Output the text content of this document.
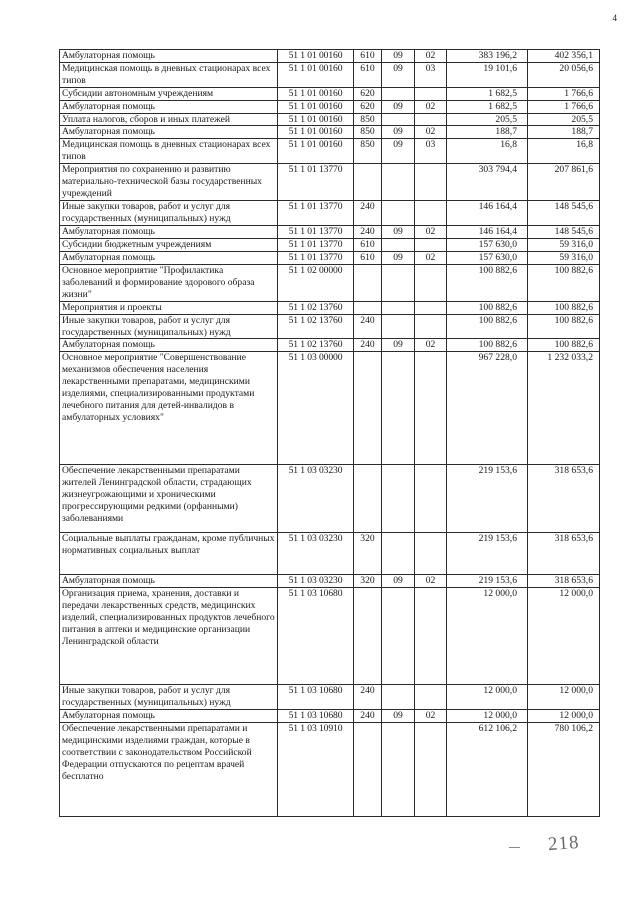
4
Амбулаторная помощь	51 1 01 00160	610	09	02	383 196,2	402 356,1
Медицинская помощь в дневных стационарах всех типов	51 1 01 00160	610	09	03	19 101,6	20 056,6
Субсидии автономным учреждениям	51 1 01 00160	620			1 682,5	1 766,6
Амбулаторная помощь	51 1 01 00160	620	09	02	1 682,5	1 766,6
Уплата налогов, сборов и иных платежей	51 1 01 00160	850			205,5	205,5
Амбулаторная помощь	51 1 01 00160	850	09	02	188,7	188,7
Медицинская помощь в дневных стационарах всех типов	51 1 01 00160	850	09	03	16,8	16,8
Мероприятия по сохранению и развитию материально-технической базы государственных учреждений	51 1 01 13770				303 794,4	207 861,6
Иные закупки товаров, работ и услуг для государственных (муниципальных) нужд	51 1 01 13770	240			146 164,4	148 545,6
Амбулаторная помощь	51 1 01 13770	240	09	02	146 164,4	148 545,6
Субсидии бюджетным учреждениям	51 1 01 13770	610			157 630,0	59 316,0
Амбулаторная помощь	51 1 01 13770	610	09	02	157 630,0	59 316,0
Основное мероприятие "Профилактика заболеваний и формирование здорового образа жизни"	51 1 02 00000				100 882,6	100 882,6
Мероприятия и проекты	51 1 02 13760				100 882,6	100 882,6
Иные закупки товаров, работ и услуг для государственных (муниципальных) нужд	51 1 02 13760	240			100 882,6	100 882,6
Амбулаторная помощь	51 1 02 13760	240	09	02	100 882,6	100 882,6
Основное мероприятие "Совершенствование механизмов обеспечения населения лекарственными препаратами, медицинскими изделиями, специализированными продуктами лечебного питания для детей-инвалидов в амбулаторных условиях"	51 1 03 00000				967 228,0	1 232 033,2
Обеспечение лекарственными препаратами жителей Ленинградской области, страдающих жизнеугрожающими и хроническими прогрессирующими редкими (орфанными) заболеваниями	51 1 03 03230				219 153,6	318 653,6
Социальные выплаты гражданам, кроме публичных нормативных социальных выплат	51 1 03 03230	320			219 153,6	318 653,6
Амбулаторная помощь	51 1 03 03230	320	09	02	219 153,6	318 653,6
Организация приема, хранения, доставки и передачи лекарственных средств, медицинских изделий, специализированных продуктов лечебного питания в аптеки и медицинские организации Ленинградской области	51 1 03 10680				12 000,0	12 000,0
Иные закупки товаров, работ и услуг для государственных (муниципальных) нужд	51 1 03 10680	240			12 000,0	12 000,0
Амбулаторная помощь	51 1 03 10680	240	09	02	12 000,0	12 000,0
Обеспечение лекарственными препаратами и медицинскими изделиями граждан, которые в соответствии с законодательством Российской Федерации отпускаются по рецептам врачей бесплатно	51 1 03 10910				612 106,2	780 106,2
218
